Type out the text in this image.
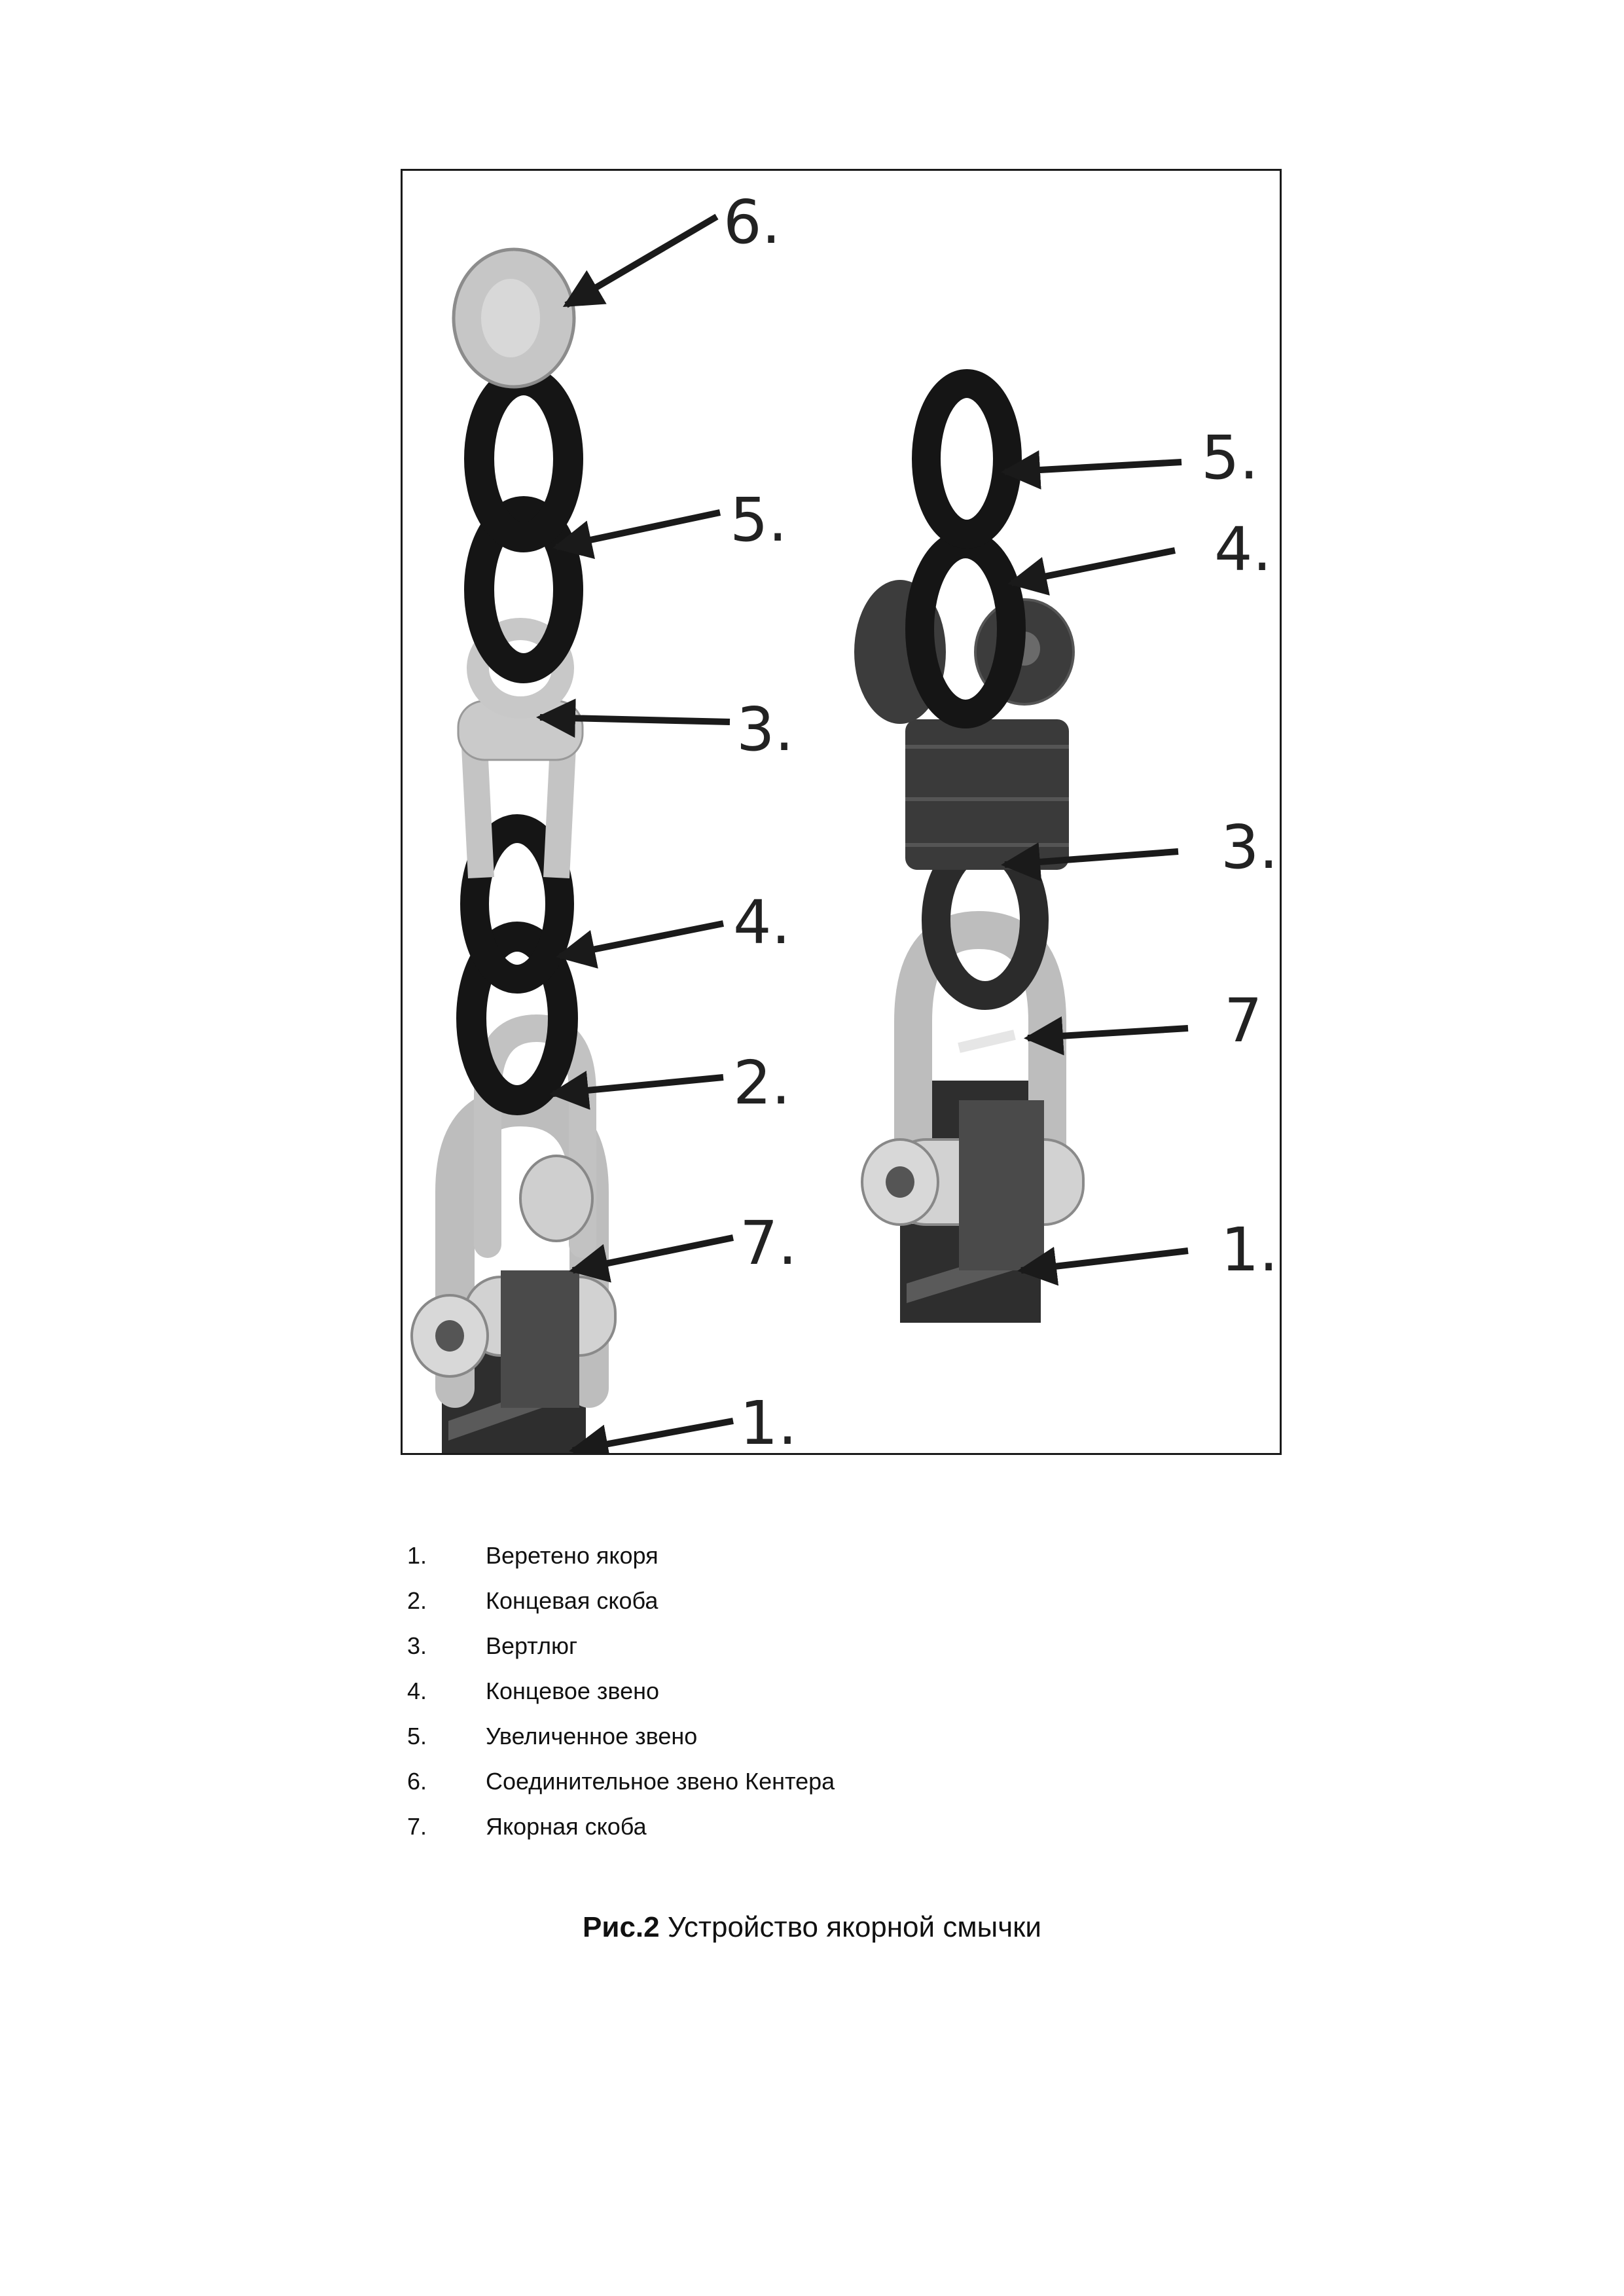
6.
5.
3.
4.
2.
7.
1.
5.
4.
3.
7
1.
1.	Веретено якоря
2.	Концевая скоба
3.	Вертлюг
4.	Концевое звено
5.	Увеличенное звено
6.	Соединительное звено Кентера
7.	Якорная скоба
Рис.2 Устройство якорной смычки
